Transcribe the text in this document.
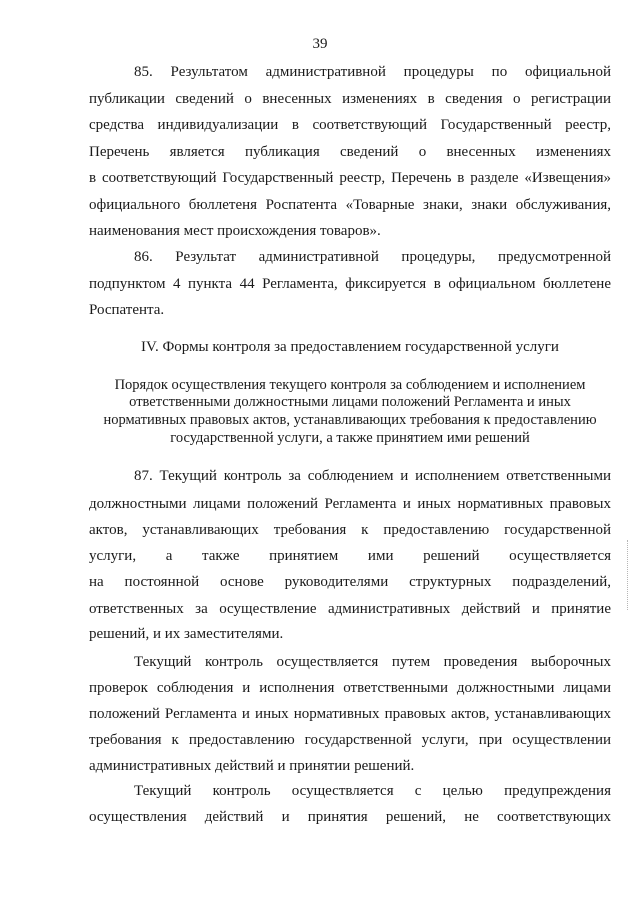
39
85. Результатом административной процедуры по официальной
публикации сведений о внесенных изменениях в сведения о регистрации
средства индивидуализации в соответствующий Государственный реестр,
Перечень является публикация сведений о внесенных изменениях
в соответствующий Государственный реестр, Перечень в разделе «Извещения»
официального бюллетеня Роспатента «Товарные знаки, знаки обслуживания,
наименования мест происхождения товаров».
86. Результат административной процедуры, предусмотренной
подпунктом 4 пункта 44 Регламента, фиксируется в официальном бюллетене
Роспатента.
IV. Формы контроля за предоставлением государственной услуги
Порядок осуществления текущего контроля за соблюдением и исполнением
ответственными должностными лицами положений Регламента и иных
нормативных правовых актов, устанавливающих требования к предоставлению
государственной услуги, а также принятием ими решений
87. Текущий контроль за соблюдением и исполнением ответственными
должностными лицами положений Регламента и иных нормативных правовых
актов, устанавливающих требования к предоставлению государственной
услуги, а также принятием ими решений осуществляется
на постоянной основе руководителями структурных подразделений,
ответственных за осуществление административных действий и принятие
решений, и их заместителями.
Текущий контроль осуществляется путем проведения выборочных
проверок соблюдения и исполнения ответственными должностными лицами
положений Регламента и иных нормативных правовых актов, устанавливающих
требования к предоставлению государственной услуги, при осуществлении
административных действий и принятии решений.
Текущий контроль осуществляется с целью предупреждения
осуществления действий и принятия решений, не соответствующих
